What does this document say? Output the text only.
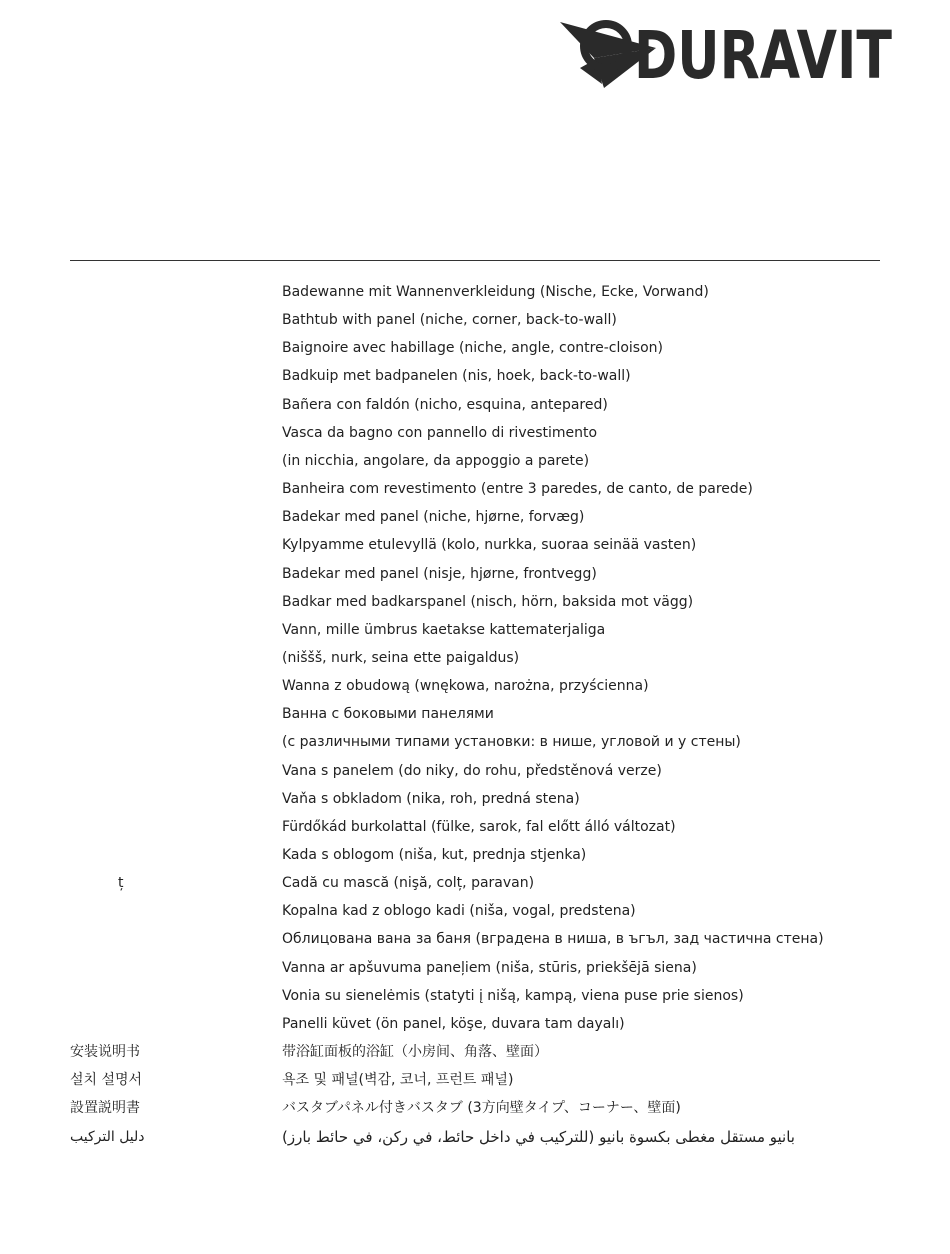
DURAVIT
Badewanne mit Wannenverkleidung (Nische, Ecke, Vorwand)
Bathtub with panel (niche, corner, back-to-wall)
Baignoire avec habillage (niche, angle, contre-cloison)
Badkuip met badpanelen (nis, hoek, back-to-wall)
Bañera con faldón (nicho, esquina, antepared)
Vasca da bagno con pannello di rivestimento
(in nicchia, angolare, da appoggio a parete)
Banheira com revestimento (entre 3 paredes, de canto, de parede)
Badekar med panel (niche, hjørne, forvæg)
Kylpyamme etulevyllä (kolo, nurkka, suoraa seinää vasten)
Badekar med panel (nisje, hjørne, frontvegg)
Badkar med badkarspanel (nisch, hörn, baksida mot vägg)
Vann, mille ümbrus kaetakse kattematerjaliga
(niššš, nurk, seina ette paigaldus)
Wanna z obudową (wnękowa, narożna, przyścienna)
Ванна с боковыми панелями
(с различными типами установки: в нише, угловой и у стены)
Vana s panelem (do niky, do rohu, předstěnová verze)
Vaňa s obkladom (nika, roh, predná stena)
Fürdőkád burkolattal (fülke, sarok, fal előtt álló változat)
Kada s oblogom (niša, kut, prednja stjenka)
ț	Cadă cu mască (nişă, colț, paravan)
Kopalna kad z oblogo kadi (niša, vogal, predstena)
Облицована вана за баня (вградена в ниша, в ъгъл, зад частична стена)
Vanna ar apšuvuma paneļiem (niša, stūris, priekšējā siena)
Vonia su sienelėmis (statyti į nišą, kampą, viena puse prie sienos)
Panelli küvet (ön panel, köşe, duvara tam dayalı)
安装说明书	带浴缸面板的浴缸（小房间、角落、壁面）
설치 설명서	욕조 및 패널(벽감, 코너, 프런트 패널)
設置説明書	バスタブパネル付きバスタブ (3方向壁タイプ、コーナー、壁面)
دليل التركيب	بانيو مستقل مغطى بكسوة بانيو (للتركيب في داخل حائط، في ركن، في حائط بارز)
